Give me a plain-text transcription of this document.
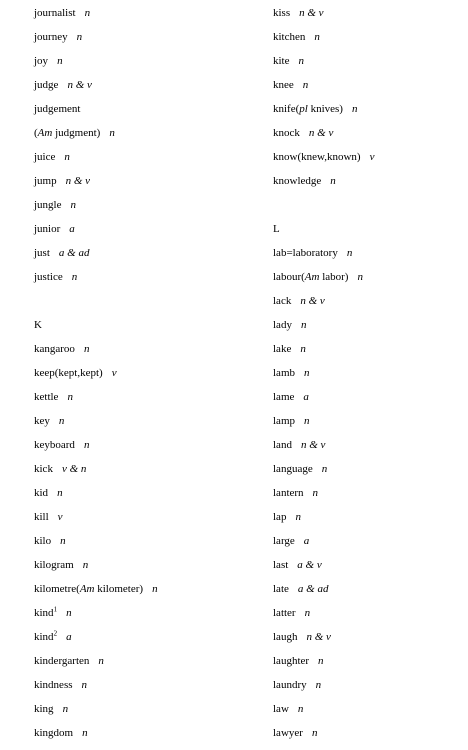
journalist n
journey n
joy n
judge n & v
judgement
(Am judgment) n
juice n
jump n & v
jungle n
junior a
just a & ad
justice n
K
kangaroo n
keep(kept,kept) v
kettle n
key n
keyboard n
kick v & n
kid n
kill v
kilo n
kilogram n
kilometre(Am kilometer) n
kind$^1$ n
kind$^2$ a
kindergarten n
kindness n
king n
kingdom n
kiss n & v
kitchen n
kite n
knee n
knife(pl knives) n
knock n & v
know(knew,known) v
knowledge n
L
lab=laboratory n
labour(Am labor) n
lack n & v
lady n
lake n
lamb n
lame a
lamp n
land n & v
language n
lantern n
lap n
large a
last a & v
late a & ad
latter n
laugh n & v
laughter n
laundry n
law n
lawyer n
